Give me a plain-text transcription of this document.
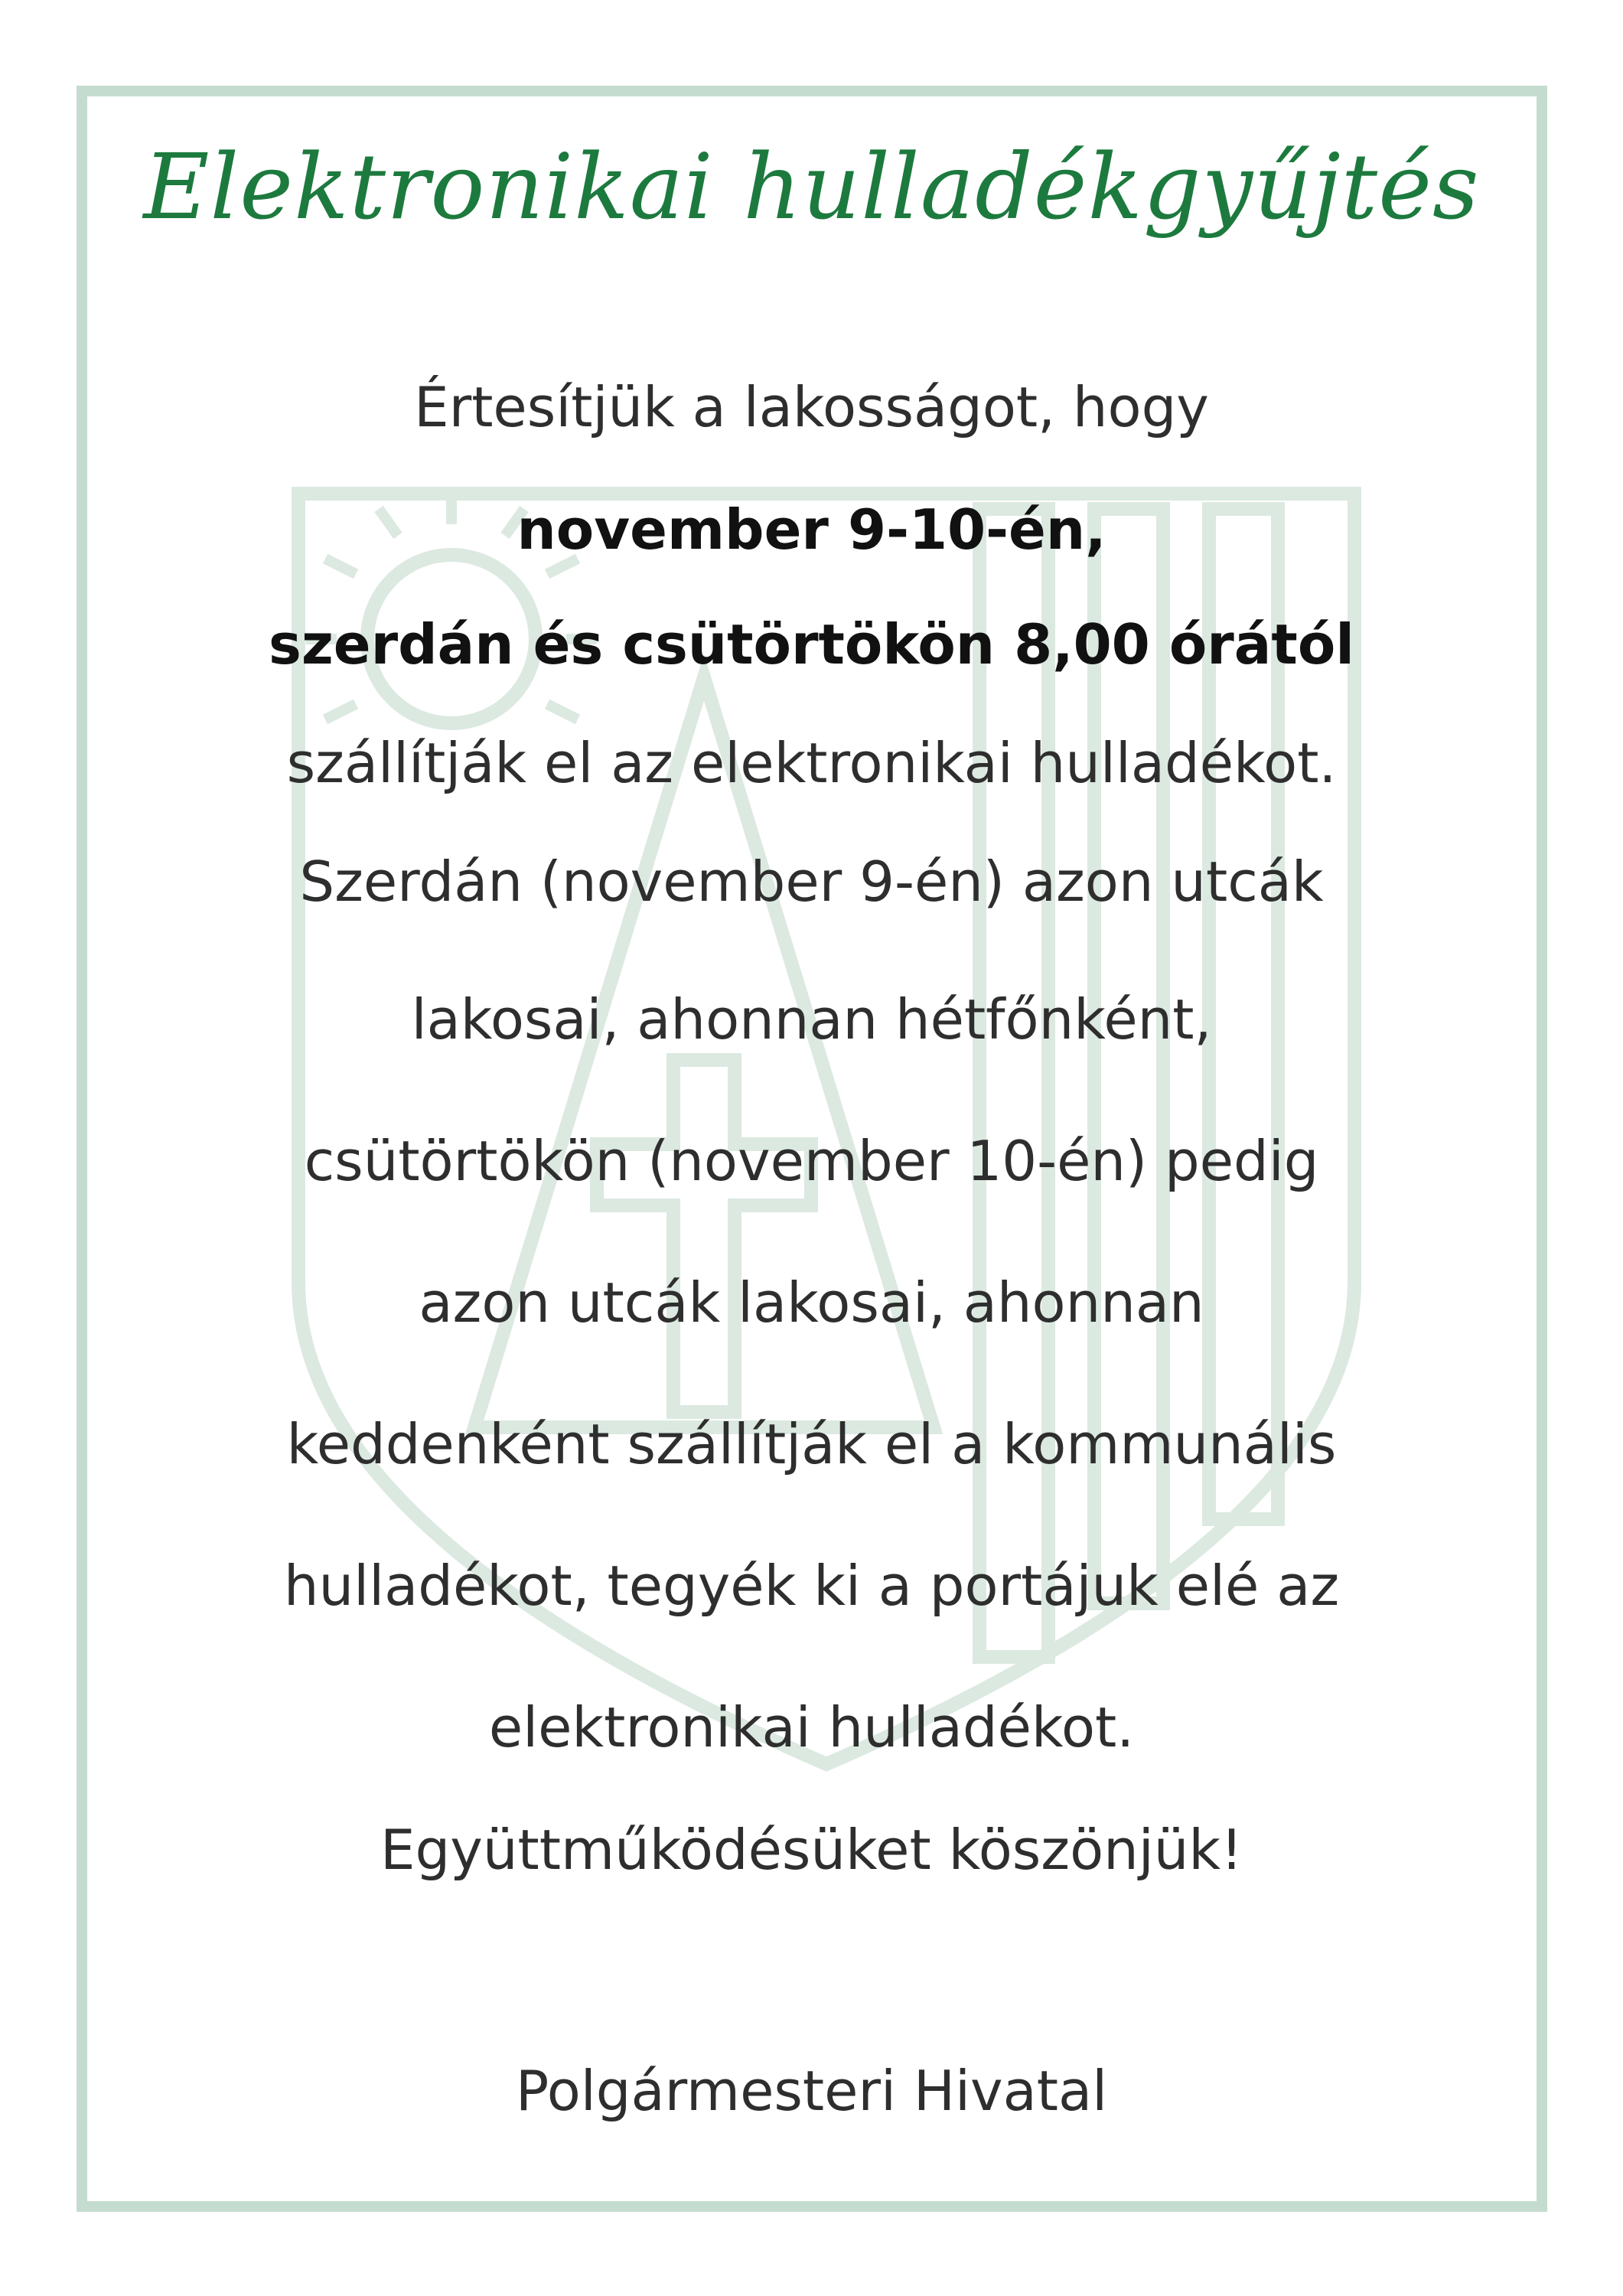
Elektronikai hulladékgyűjtés
Értesítjük a lakosságot, hogy
november 9-10-én,
szerdán és csütörtökön 8,00 órától
szállítják el az elektronikai hulladékot.
Szerdán (november 9-én) azon utcák
lakosai, ahonnan hétfőnként,
csütörtökön (november 10-én) pedig
azon utcák lakosai, ahonnan
keddenként szállítják el a kommunális
hulladékot, tegyék ki a portájuk elé az
elektronikai hulladékot.
Együttműködésüket köszönjük!
Polgármesteri Hivatal
